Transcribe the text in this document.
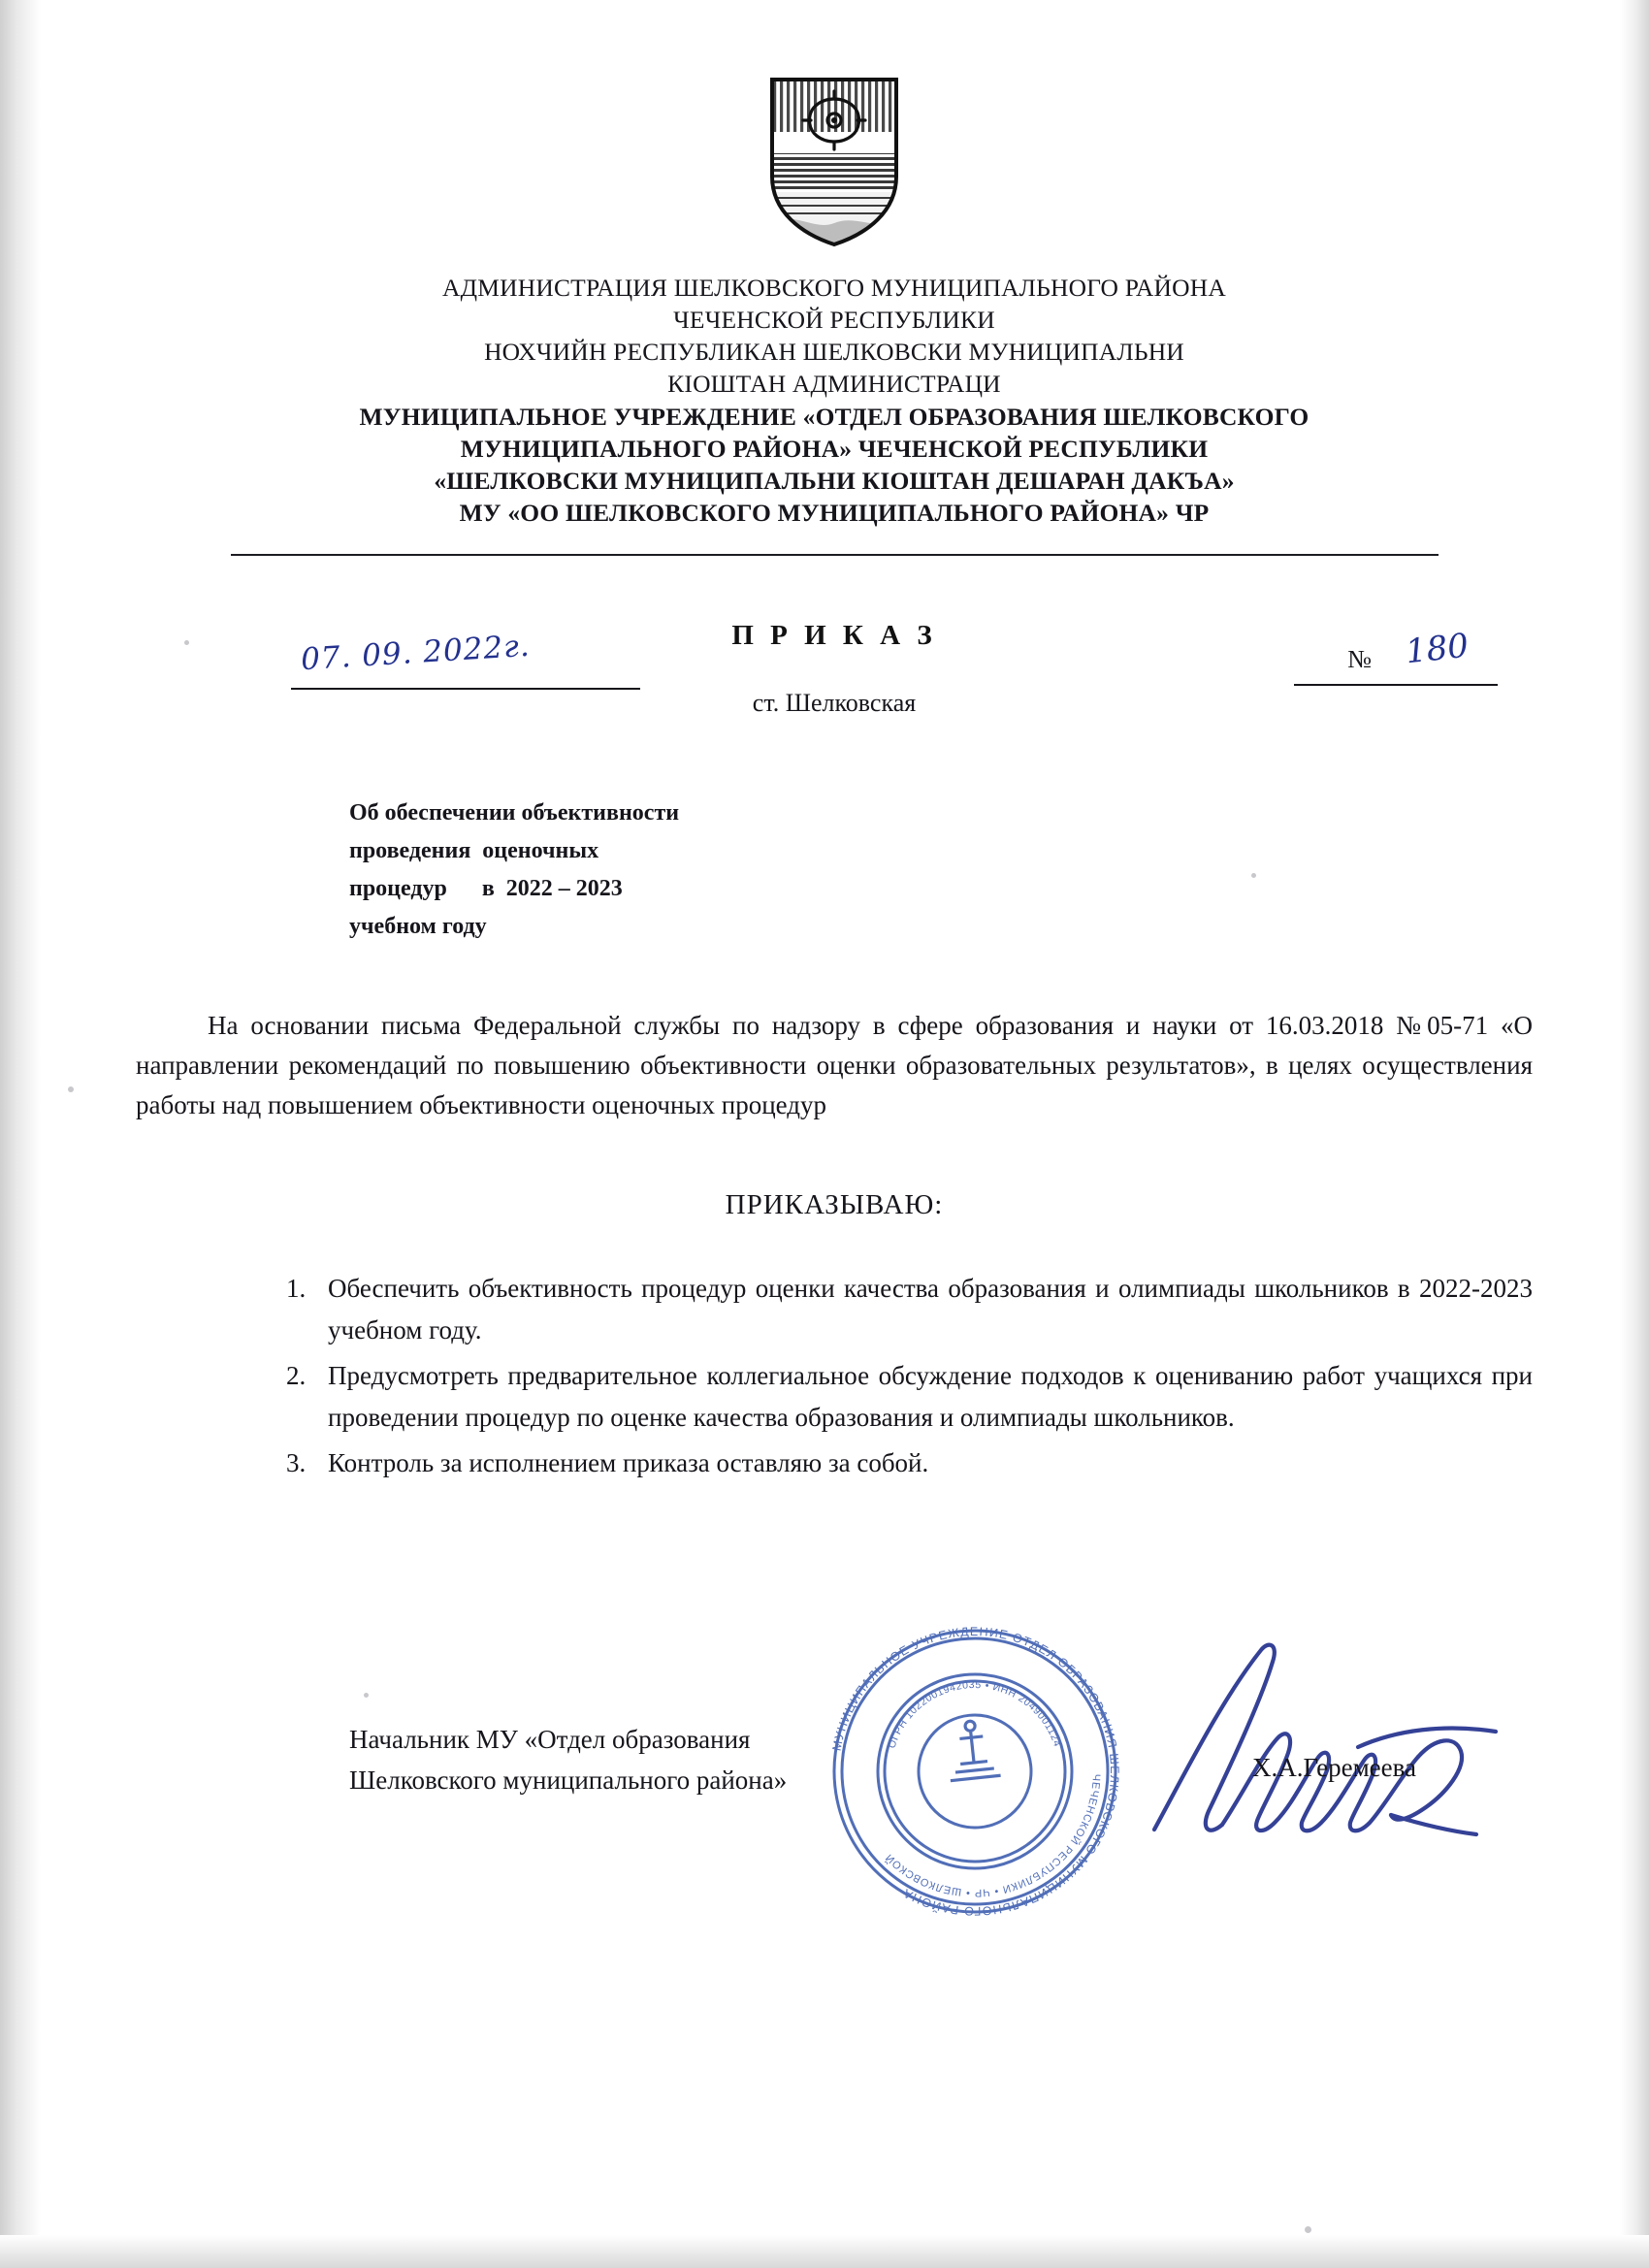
АДМИНИСТРАЦИЯ ШЕЛКОВСКОГО МУНИЦИПАЛЬНОГО РАЙОНА
ЧЕЧЕНСКОЙ РЕСПУБЛИКИ
НОХЧИЙН РЕСПУБЛИКАН ШЕЛКОВСКИ МУНИЦИПАЛЬНИ
КIОШТАН АДМИНИСТРАЦИ
МУНИЦИПАЛЬНОЕ УЧРЕЖДЕНИЕ «ОТДЕЛ ОБРАЗОВАНИЯ ШЕЛКОВСКОГО
МУНИЦИПАЛЬНОГО РАЙОНА» ЧЕЧЕНСКОЙ РЕСПУБЛИКИ
«ШЕЛКОВСКИ МУНИЦИПАЛЬНИ КIОШТАН ДЕШАРАН ДАКЪА»
МУ «ОО ШЕЛКОВСКОГО МУНИЦИПАЛЬНОГО РАЙОНА» ЧР
П Р И К А З
ст. Шелковская
07. 09. 2022г.	№ 180
Об обеспечении объективности
проведения  оценочных
процедур      в  2022 – 2023
учебном году
На основании письма Федеральной службы по надзору в сфере образования и науки от 16.03.2018 №05-71 «О направлении рекомендаций по повышению объективности оценки образовательных результатов», в целях осуществления работы над повышением объективности оценочных процедур
ПРИКАЗЫВАЮ:
1. Обеспечить объективность процедур оценки качества образования и олимпиады школьников в 2022-2023 учебном году.
2. Предусмотреть предварительное коллегиальное обсуждение подходов к оцениванию работ учащихся при проведении процедур по оценке качества образования и олимпиады школьников.
3. Контроль за исполнением приказа оставляю за собой.
МУНИЦИПАЛЬНОЕ УЧРЕЖДЕНИЕ ОТДЕЛ ОБРАЗОВАНИЯ ШЕЛКОВСКОГО МУНИЦИПАЛЬНОГО РАЙОНА
ЧЕЧЕНСКОЙ РЕСПУБЛИКИ • ЧР • ШЕЛКОВСКОЙ
ОГРН 1022001942035 • ИНН 2049001124
Начальник МУ «Отдел образования
Шелковского муниципального района»	Х.А.Геремеева
